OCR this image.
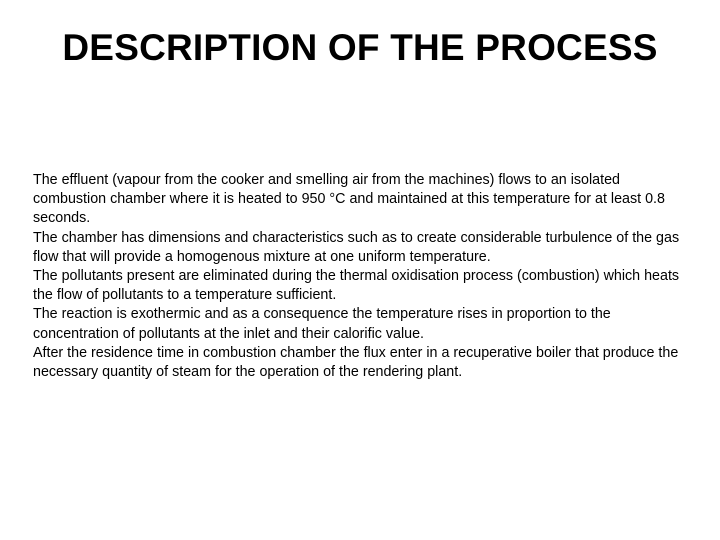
DESCRIPTION OF THE PROCESS

The effluent (vapour from the cooker and smelling air from the machines) flows to an isolated combustion chamber where it is heated to 950 °C and maintained at this temperature for at least 0.8 seconds.

The chamber has dimensions and characteristics such as to create considerable turbulence of the gas flow that will provide a homogenous mixture at one uniform temperature.

The pollutants present are eliminated during the thermal oxidisation process (combustion) which heats the flow of pollutants to a temperature sufficient.

The reaction is exothermic and as a consequence the temperature rises in proportion to the concentration of pollutants at the inlet and their calorific value.

After the residence time in combustion chamber the flux enter in a recuperative boiler that produce the necessary quantity of steam for the operation of the rendering plant.
